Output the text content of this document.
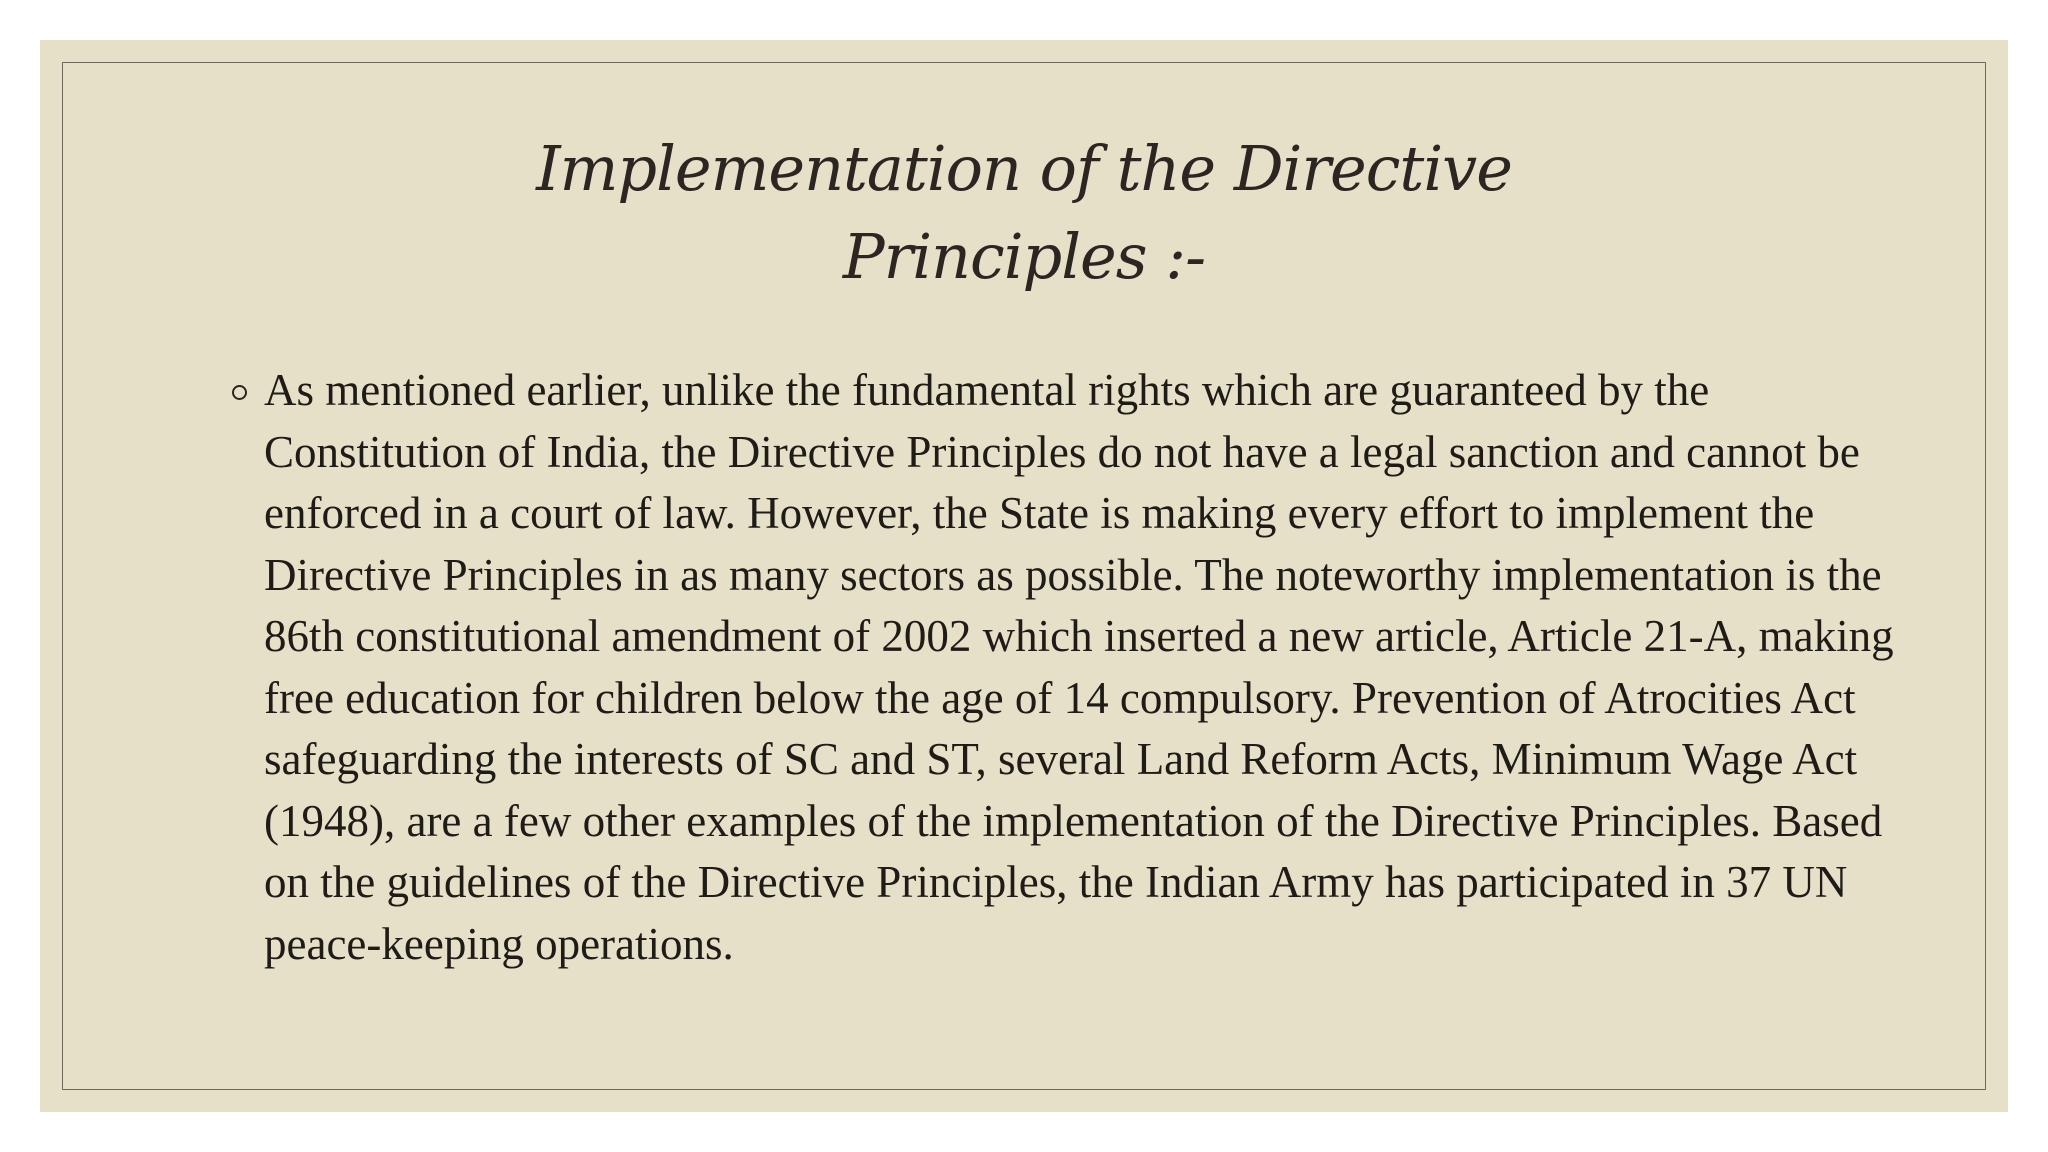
Implementation of the Directive
Principles :-
As mentioned earlier, unlike the fundamental rights which are guaranteed by the Constitution of India, the Directive Principles do not have a legal sanction and cannot be enforced in a court of law. However, the State is making every effort to implement the Directive Principles in as many sectors as possible. The noteworthy implementation is the 86th constitutional amendment of 2002 which inserted a new article, Article 21-A, making free education for children below the age of 14 compulsory. Prevention of Atrocities Act safeguarding the interests of SC and ST, several Land Reform Acts, Minimum Wage Act (1948), are a few other examples of the implementation of the Directive Principles. Based on the guidelines of the Directive Principles, the Indian Army has participated in 37 UN peace-keeping operations.
